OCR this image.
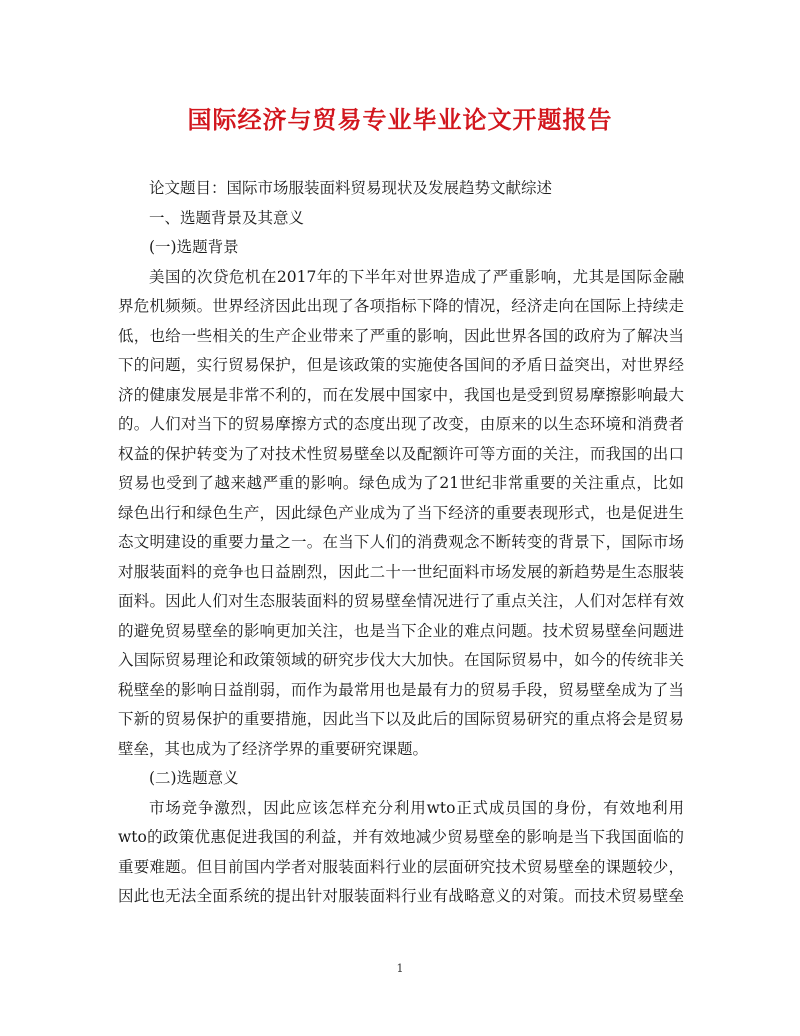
国际经济与贸易专业毕业论文开题报告
论文题目：国际市场服装面料贸易现状及发展趋势文献综述
一、选题背景及其意义
(一)选题背景
美国的次贷危机在2017年的下半年对世界造成了严重影响，尤其是国际金融
界危机频频。世界经济因此出现了各项指标下降的情况，经济走向在国际上持续走
低，也给一些相关的生产企业带来了严重的影响，因此世界各国的政府为了解决当
下的问题，实行贸易保护，但是该政策的实施使各国间的矛盾日益突出，对世界经
济的健康发展是非常不利的，而在发展中国家中，我国也是受到贸易摩擦影响最大
的。人们对当下的贸易摩擦方式的态度出现了改变，由原来的以生态环境和消费者
权益的保护转变为了对技术性贸易壁垒以及配额许可等方面的关注，而我国的出口
贸易也受到了越来越严重的影响。绿色成为了21世纪非常重要的关注重点，比如
绿色出行和绿色生产，因此绿色产业成为了当下经济的重要表现形式，也是促进生
态文明建设的重要力量之一。在当下人们的消费观念不断转变的背景下，国际市场
对服装面料的竞争也日益剧烈，因此二十一世纪面料市场发展的新趋势是生态服装
面料。因此人们对生态服装面料的贸易壁垒情况进行了重点关注，人们对怎样有效
的避免贸易壁垒的影响更加关注，也是当下企业的难点问题。技术贸易壁垒问题进
入国际贸易理论和政策领域的研究步伐大大加快。在国际贸易中，如今的传统非关
税壁垒的影响日益削弱，而作为最常用也是最有力的贸易手段，贸易壁垒成为了当
下新的贸易保护的重要措施，因此当下以及此后的国际贸易研究的重点将会是贸易
壁垒，其也成为了经济学界的重要研究课题。
(二)选题意义
市场竞争激烈，因此应该怎样充分利用wto正式成员国的身份，有效地利用
wto的政策优惠促进我国的利益，并有效地减少贸易壁垒的影响是当下我国面临的
重要难题。但目前国内学者对服装面料行业的层面研究技术贸易壁垒的课题较少，
因此也无法全面系统的提出针对服装面料行业有战略意义的对策。而技术贸易壁垒
1
